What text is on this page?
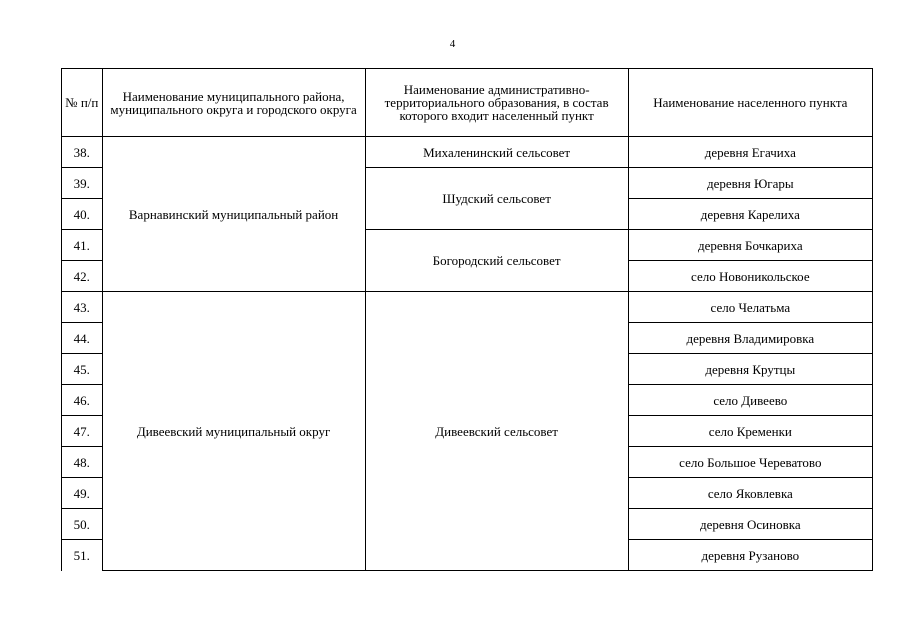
4
№ п/п	Наименование муниципального района, муниципального округа и городского округа	Наименование административно-территориального образования, в состав которого входит населенный пункт	Наименование населенного пункта
38.	Варнавинский муниципальный район	Михаленинский сельсовет	деревня Егачиха
39.		Шудский сельсовет	деревня Югары
40.			деревня Карелиха
41.		Богородский сельсовет	деревня Бочкариха
42.			село Новоникольское
43.	Дивеевский муниципальный округ	Дивеевский сельсовет	село Челатьма
44.			деревня Владимировка
45.			деревня Крутцы
46.			село Дивеево
47.			село Кременки
48.			село Большое Череватово
49.			село Яковлевка
50.			деревня Осиновка
51.			деревня Рузаново
